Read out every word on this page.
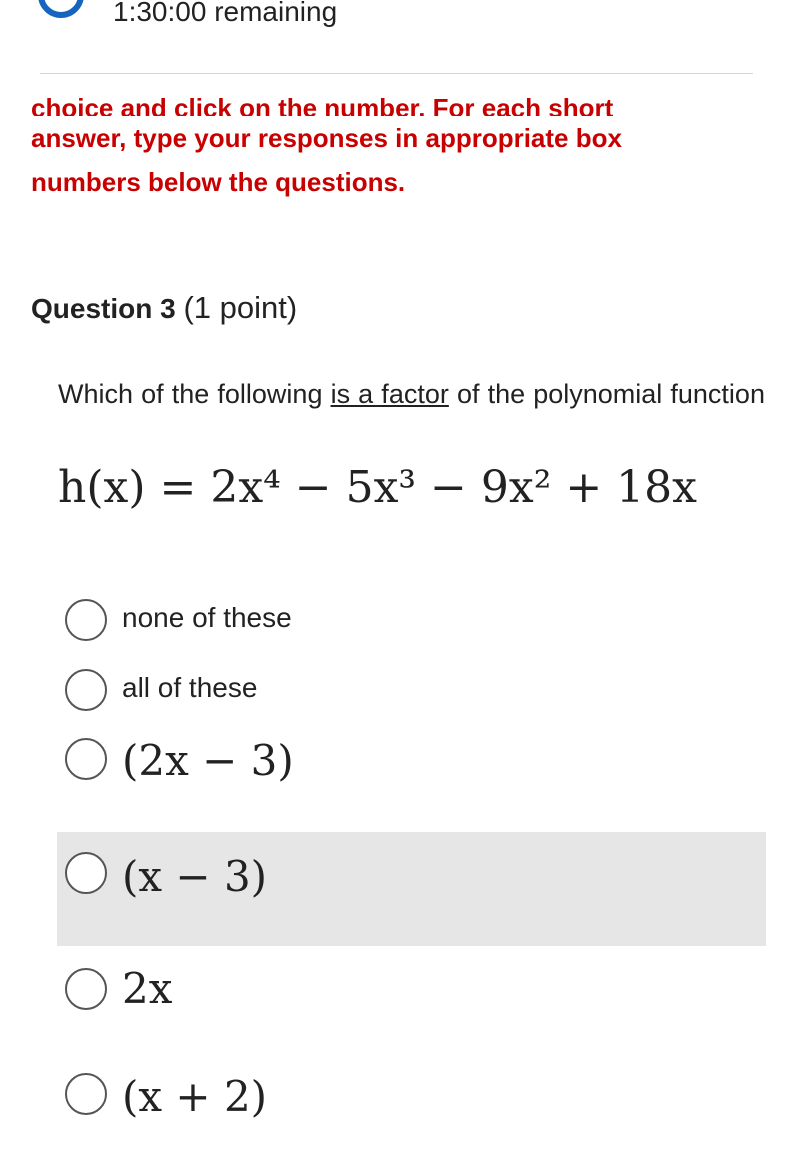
1:30:00 remaining
choice and click on the number. For each short
answer, type your responses in appropriate box
numbers below the questions.
Question 3 (1 point)

Which of the following is a factor of the polynomial function

h(x) = 2x⁴ − 5x³ − 9x² + 18x
none of these
all of these
(2x − 3)
(x − 3)
2x
(x + 2)
